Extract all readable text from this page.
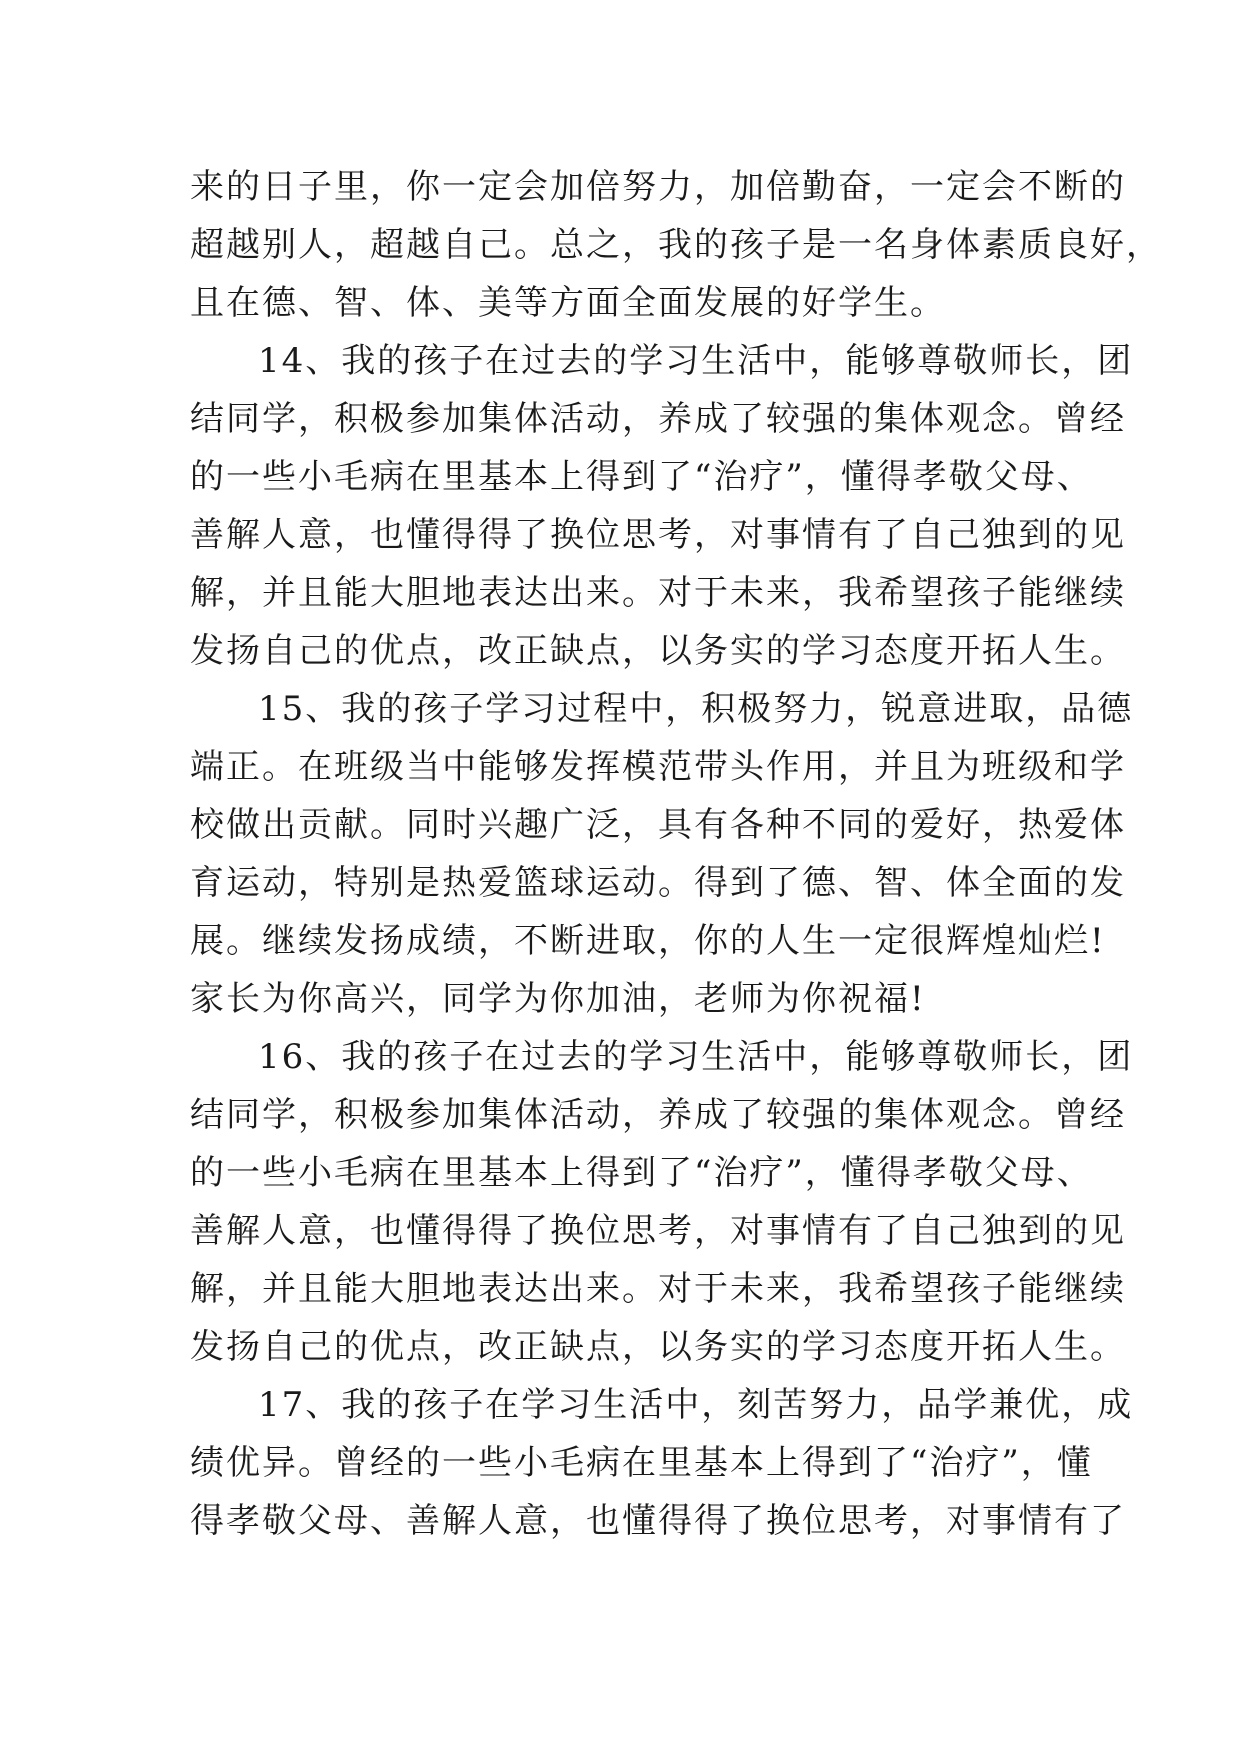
来的日子里，你一定会加倍努力，加倍勤奋，一定会不断的
超越别人，超越自己。总之，我的孩子是一名身体素质良好，
且在德、智、体、美等方面全面发展的好学生。
14、我的孩子在过去的学习生活中，能够尊敬师长，团
结同学，积极参加集体活动，养成了较强的集体观念。曾经
的一些小毛病在里基本上得到了“治疗”，懂得孝敬父母、
善解人意，也懂得得了换位思考，对事情有了自己独到的见
解，并且能大胆地表达出来。对于未来，我希望孩子能继续
发扬自己的优点，改正缺点，以务实的学习态度开拓人生。
15、我的孩子学习过程中，积极努力，锐意进取，品德
端正。在班级当中能够发挥模范带头作用，并且为班级和学
校做出贡献。同时兴趣广泛，具有各种不同的爱好，热爱体
育运动，特别是热爱篮球运动。得到了德、智、体全面的发
展。继续发扬成绩，不断进取，你的人生一定很辉煌灿烂!
家长为你高兴，同学为你加油，老师为你祝福!
16、我的孩子在过去的学习生活中，能够尊敬师长，团
结同学，积极参加集体活动，养成了较强的集体观念。曾经
的一些小毛病在里基本上得到了“治疗”，懂得孝敬父母、
善解人意，也懂得得了换位思考，对事情有了自己独到的见
解，并且能大胆地表达出来。对于未来，我希望孩子能继续
发扬自己的优点，改正缺点，以务实的学习态度开拓人生。
17、我的孩子在学习生活中，刻苦努力，品学兼优，成
绩优异。曾经的一些小毛病在里基本上得到了“治疗”，懂
得孝敬父母、善解人意，也懂得得了换位思考，对事情有了
